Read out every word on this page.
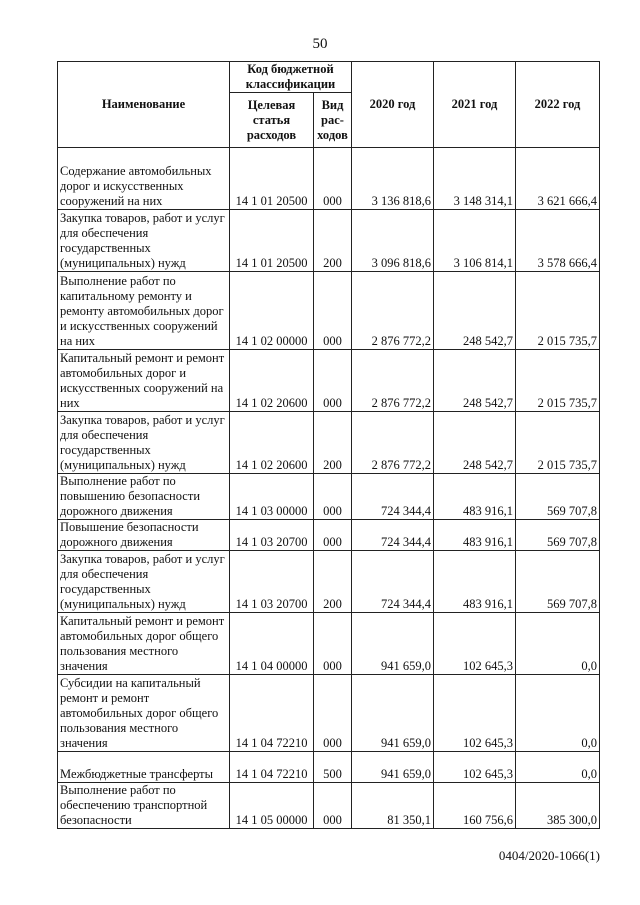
50
Наименование	Код бюджетной классификации		2020 год	2021 год	2022 год
	Целевая статья расходов	Вид рас- ходов			
Содержание автомобильных дорог и искусственных сооружений на них	14 1 01 20500	000	3 136 818,6	3 148 314,1	3 621 666,4
Закупка товаров, работ и услуг для обеспечения государственных (муниципальных) нужд	14 1 01 20500	200	3 096 818,6	3 106 814,1	3 578 666,4
Выполнение работ по капитальному ремонту и ремонту автомобильных дорог и искусственных сооружений на них	14 1 02 00000	000	2 876 772,2	248 542,7	2 015 735,7
Капитальный ремонт и ремонт автомобильных дорог и искусственных сооружений на них	14 1 02 20600	000	2 876 772,2	248 542,7	2 015 735,7
Закупка товаров, работ и услуг для обеспечения государственных (муниципальных) нужд	14 1 02 20600	200	2 876 772,2	248 542,7	2 015 735,7
Выполнение работ по повышению безопасности дорожного движения	14 1 03 00000	000	724 344,4	483 916,1	569 707,8
Повышение безопасности дорожного движения	14 1 03 20700	000	724 344,4	483 916,1	569 707,8
Закупка товаров, работ и услуг для обеспечения государственных (муниципальных) нужд	14 1 03 20700	200	724 344,4	483 916,1	569 707,8
Капитальный ремонт и ремонт автомобильных дорог общего пользования местного значения	14 1 04 00000	000	941 659,0	102 645,3	0,0
Субсидии на капитальный ремонт и ремонт автомобильных дорог общего пользования местного значения	14 1 04 72210	000	941 659,0	102 645,3	0,0
Межбюджетные трансферты	14 1 04 72210	500	941 659,0	102 645,3	0,0
Выполнение работ по обеспечению транспортной безопасности	14 1 05 00000	000	81 350,1	160 756,6	385 300,0
0404/2020-1066(1)
